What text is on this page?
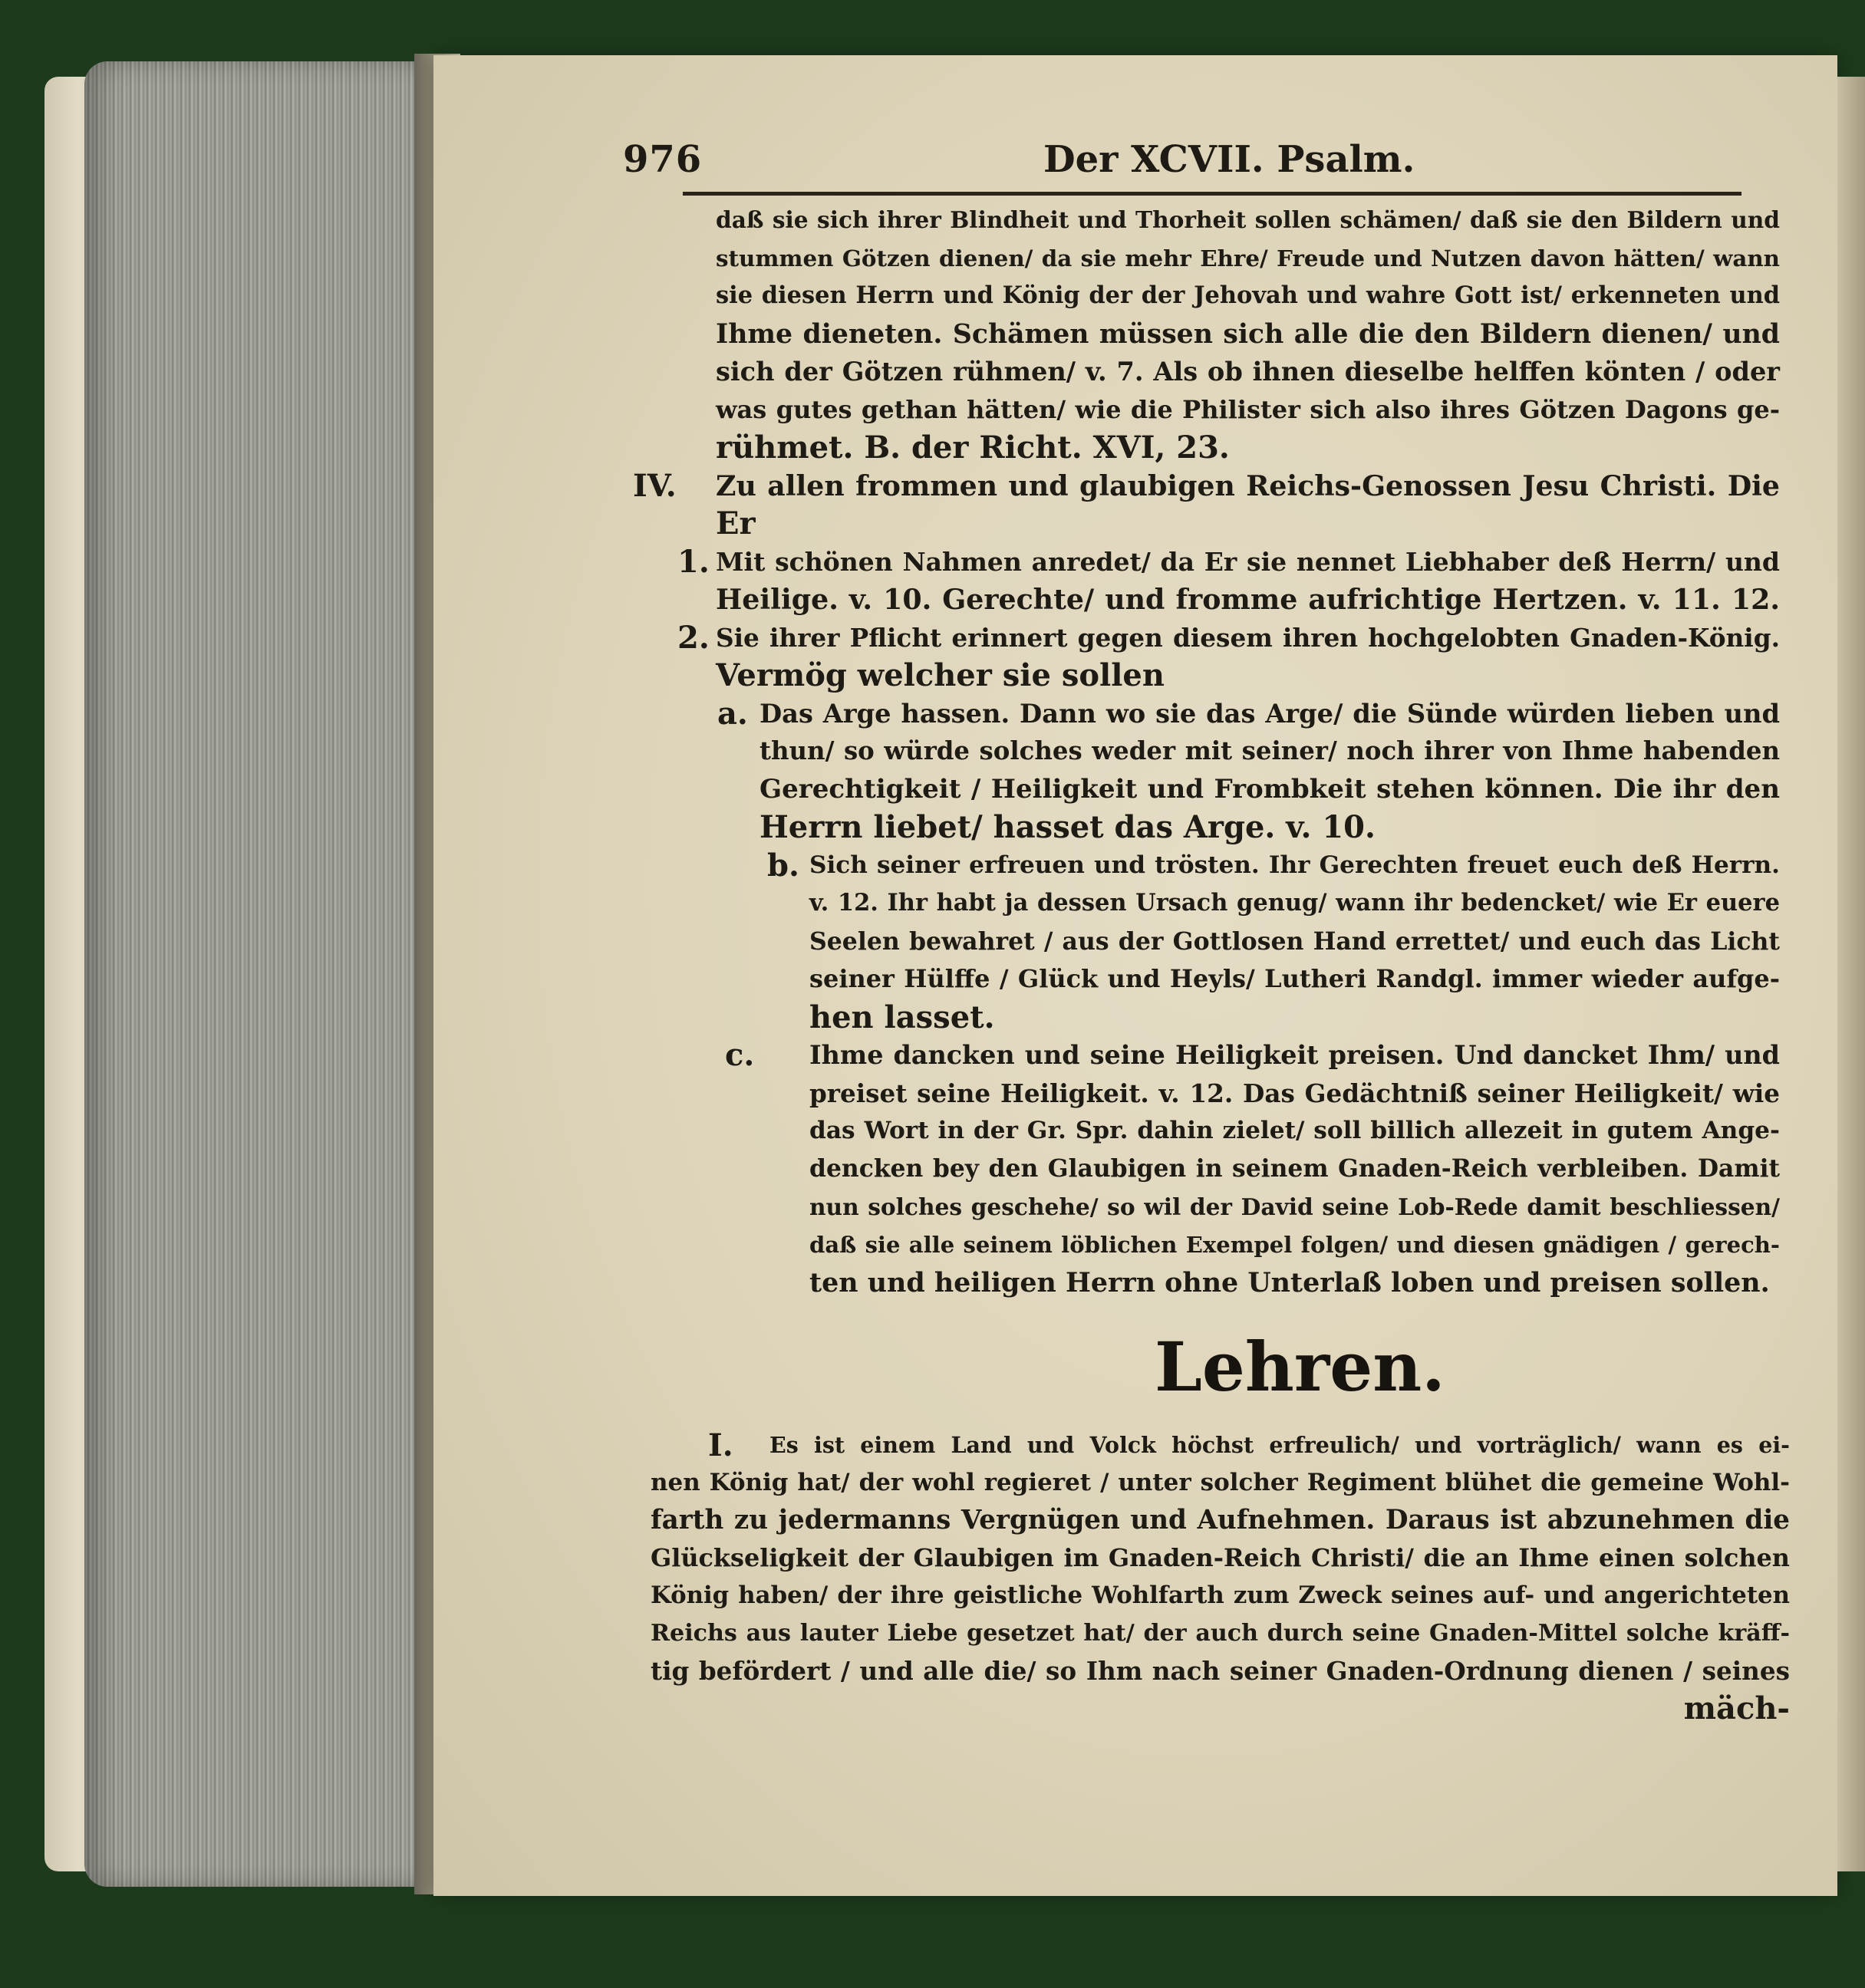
976	Der XCVII. Psalm.
daß sie sich ihrer Blindheit und Thorheit sollen schämen/ daß sie den Bildern und
stummen Götzen dienen/ da sie mehr Ehre/ Freude und Nutzen davon hätten/ wann
sie diesen Herrn und König der der Jehovah und wahre Gott ist/ erkenneten und
Ihme dieneten. Schämen müssen sich alle die den Bildern dienen/ und
sich der Götzen rühmen/ v. 7. Als ob ihnen dieselbe helffen könten / oder
was gutes gethan hätten/ wie die Philister sich also ihres Götzen Dagons ge-
rühmet. B. der Richt. XVI, 23.
IV. Zu allen frommen und glaubigen Reichs-Genossen Jesu Christi. Die
Er
1. Mit schönen Nahmen anredet/ da Er sie nennet Liebhaber deß Herrn/ und
Heilige. v. 10. Gerechte/ und fromme aufrichtige Hertzen. v. 11. 12.
2. Sie ihrer Pflicht erinnert gegen diesem ihren hochgelobten Gnaden-König.
Vermög welcher sie sollen
a. Das Arge hassen. Dann wo sie das Arge/ die Sünde würden lieben und
thun/ so würde solches weder mit seiner/ noch ihrer von Ihme habenden
Gerechtigkeit / Heiligkeit und Frombkeit stehen können. Die ihr den
Herrn liebet/ hasset das Arge. v. 10.
b. Sich seiner erfreuen und trösten. Ihr Gerechten freuet euch deß Herrn.
v. 12. Ihr habt ja dessen Ursach genug/ wann ihr bedencket/ wie Er euere
Seelen bewahret / aus der Gottlosen Hand errettet/ und euch das Licht
seiner Hülffe / Glück und Heyls/ Lutheri Randgl. immer wieder aufge-
hen lasset.
c. Ihme dancken und seine Heiligkeit preisen. Und dancket Ihm/ und
preiset seine Heiligkeit. v. 12. Das Gedächtniß seiner Heiligkeit/ wie
das Wort in der Gr. Spr. dahin zielet/ soll billich allezeit in gutem Ange-
dencken bey den Glaubigen in seinem Gnaden-Reich verbleiben. Damit
nun solches geschehe/ so wil der David seine Lob-Rede damit beschliessen/
daß sie alle seinem löblichen Exempel folgen/ und diesen gnädigen / gerech-
ten und heiligen Herrn ohne Unterlaß loben und preisen sollen.
Lehren.
I.	Es ist einem Land und Volck höchst erfreulich/ und vorträglich/ wann es ei-
nen König hat/ der wohl regieret / unter solcher Regiment blühet die gemeine Wohl-
farth zu jedermanns Vergnügen und Aufnehmen. Daraus ist abzunehmen die
Glückseligkeit der Glaubigen im Gnaden-Reich Christi/ die an Ihme einen solchen
König haben/ der ihre geistliche Wohlfarth zum Zweck seines auf- und angerichteten
Reichs aus lauter Liebe gesetzet hat/ der auch durch seine Gnaden-Mittel solche kräff-
tig befördert / und alle die/ so Ihm nach seiner Gnaden-Ordnung dienen / seines
mäch-
